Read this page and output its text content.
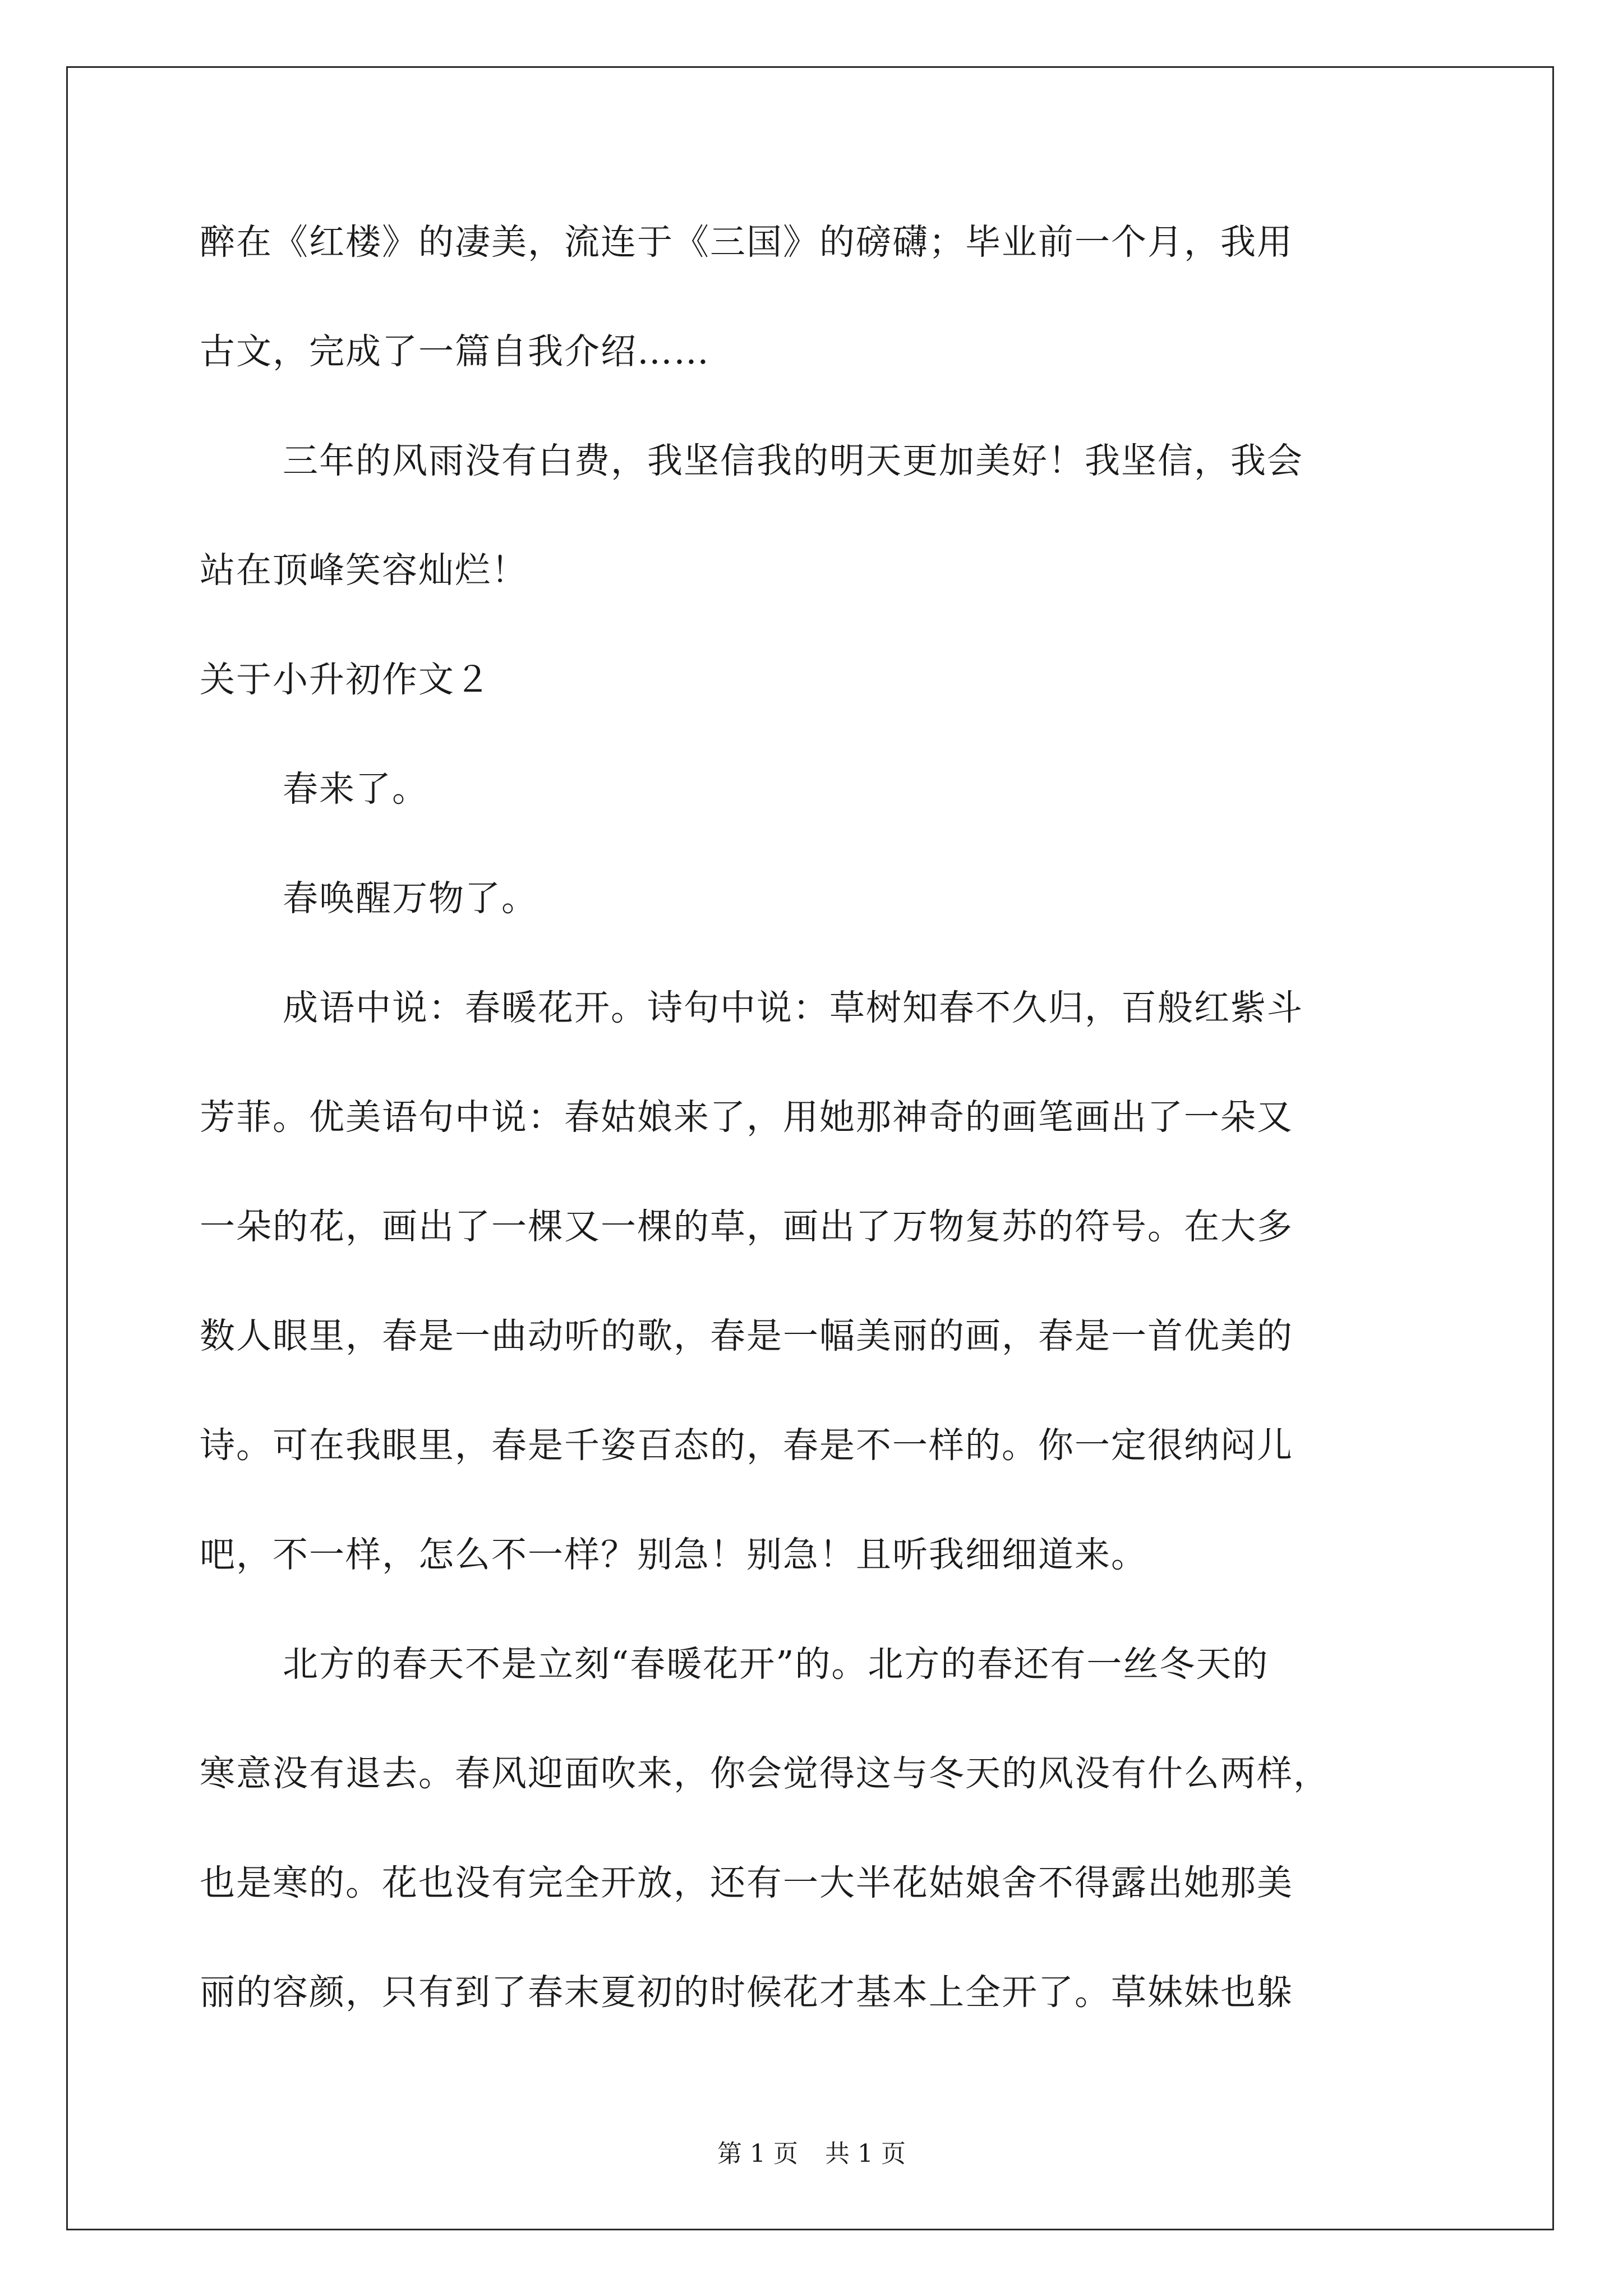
醉在《红楼》的凄美，流连于《三国》的磅礴；毕业前一个月，我用
古文，完成了一篇自我介绍……
三年的风雨没有白费，我坚信我的明天更加美好！我坚信，我会
站在顶峰笑容灿烂！
关于小升初作文２
春来了。
春唤醒万物了。
成语中说：春暖花开。诗句中说：草树知春不久归，百般红紫斗
芳菲。优美语句中说：春姑娘来了，用她那神奇的画笔画出了一朵又
一朵的花，画出了一棵又一棵的草，画出了万物复苏的符号。在大多
数人眼里，春是一曲动听的歌，春是一幅美丽的画，春是一首优美的
诗。可在我眼里，春是千姿百态的，春是不一样的。你一定很纳闷儿
吧，不一样，怎么不一样？别急！别急！且听我细细道来。
北方的春天不是立刻“春暖花开”的。北方的春还有一丝冬天的
寒意没有退去。春风迎面吹来，你会觉得这与冬天的风没有什么两样，
也是寒的。花也没有完全开放，还有一大半花姑娘舍不得露出她那美
丽的容颜，只有到了春末夏初的时候花才基本上全开了。草妹妹也躲
第 1 页 共 1 页
